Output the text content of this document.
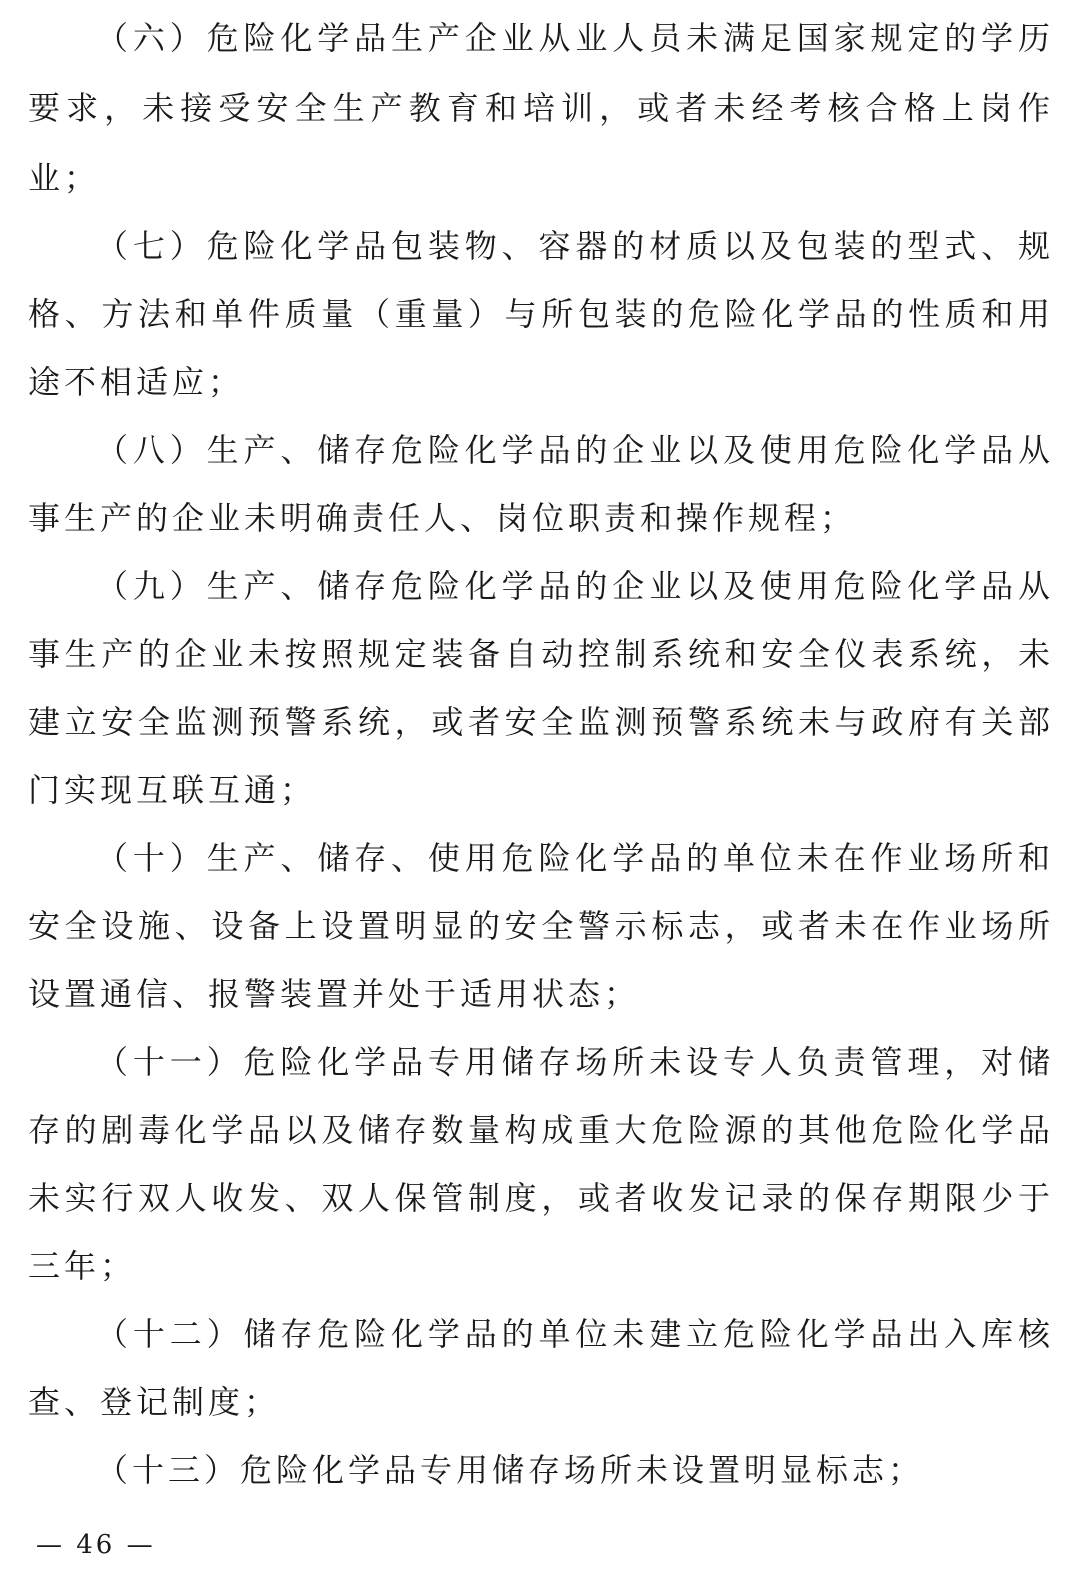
（六）危险化学品生产企业从业人员未满足国家规定的学历
要求，未接受安全生产教育和培训，或者未经考核合格上岗作
业；
（七）危险化学品包装物、容器的材质以及包装的型式、规
格、方法和单件质量（重量）与所包装的危险化学品的性质和用
途不相适应；
（八）生产、储存危险化学品的企业以及使用危险化学品从
事生产的企业未明确责任人、岗位职责和操作规程；
（九）生产、储存危险化学品的企业以及使用危险化学品从
事生产的企业未按照规定装备自动控制系统和安全仪表系统，未
建立安全监测预警系统，或者安全监测预警系统未与政府有关部
门实现互联互通；
（十）生产、储存、使用危险化学品的单位未在作业场所和
安全设施、设备上设置明显的安全警示标志，或者未在作业场所
设置通信、报警装置并处于适用状态；
（十一）危险化学品专用储存场所未设专人负责管理，对储
存的剧毒化学品以及储存数量构成重大危险源的其他危险化学品
未实行双人收发、双人保管制度，或者收发记录的保存期限少于
三年；
（十二）储存危险化学品的单位未建立危险化学品出入库核
查、登记制度；
（十三）危险化学品专用储存场所未设置明显标志；
— 46 —
